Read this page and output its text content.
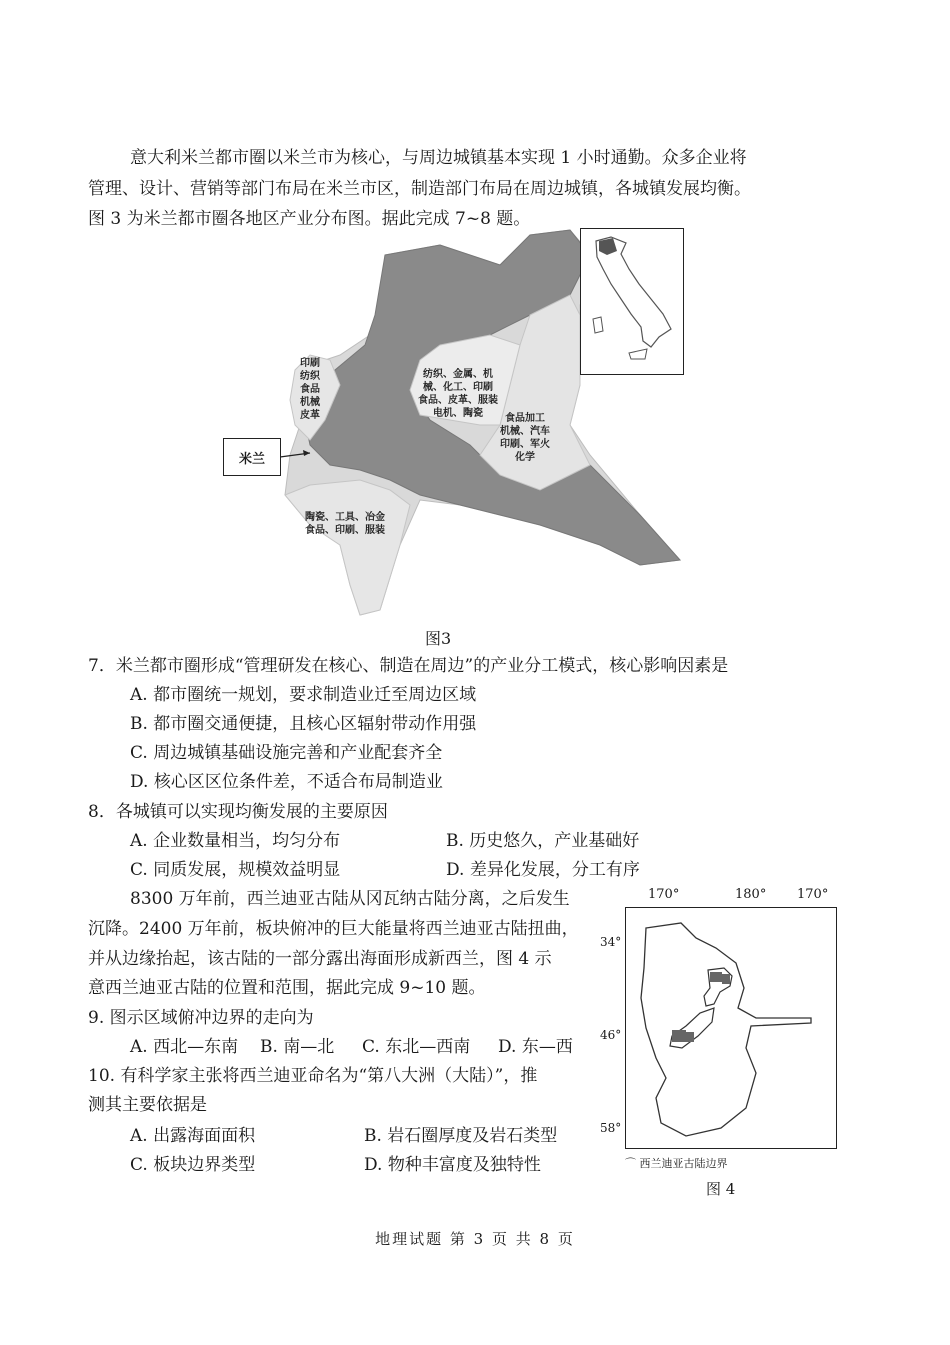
意大利米兰都市圈以米兰市为核心，与周边城镇基本实现 1 小时通勤。众多企业将
管理、设计、营销等部门布局在米兰市区，制造部门布局在周边城镇，各城镇发展均衡。
图 3 为米兰都市圈各地区产业分布图。据此完成 7~8 题。
印刷
纺织
食品
机械
皮革
纺织、金属、机
械、化工、印刷
食品、皮革、服装
电机、陶瓷	食品加工
机械、汽车
印刷、军火
化学
陶瓷、工具、冶金
食品、印刷、服装
米兰
图3
7．米兰都市圈形成“管理研发在核心、制造在周边”的产业分工模式，核心影响因素是
A. 都市圈统一规划，要求制造业迁至周边区域
B. 都市圈交通便捷，且核心区辐射带动作用强
C. 周边城镇基础设施完善和产业配套齐全
D. 核心区区位条件差，不适合布局制造业
8．各城镇可以实现均衡发展的主要原因
A. 企业数量相当，均匀分布	B. 历史悠久，产业基础好
C. 同质发展，规模效益明显	D. 差异化发展，分工有序
8300 万年前，西兰迪亚古陆从冈瓦纳古陆分离，之后发生
沉降。2400 万年前，板块俯冲的巨大能量将西兰迪亚古陆扭曲，
并从边缘抬起，该古陆的一部分露出海面形成新西兰，图 4 示
意西兰迪亚古陆的位置和范围，据此完成 9~10 题。
9. 图示区域俯冲边界的走向为
A. 西北—东南 B. 南—北 C. 东北—西南 D. 东—西
10. 有科学家主张将西兰迪亚命名为“第八大洲（大陆）”，推
测其主要依据是
A. 出露海面面积	B. 岩石圈厚度及岩石类型
C. 板块边界类型	D. 物种丰富度及独特性
170°	180° 170°
34°
46°
58°
⌒ 西兰迪亚古陆边界
图 4
地理试题 第 3 页 共 8 页
